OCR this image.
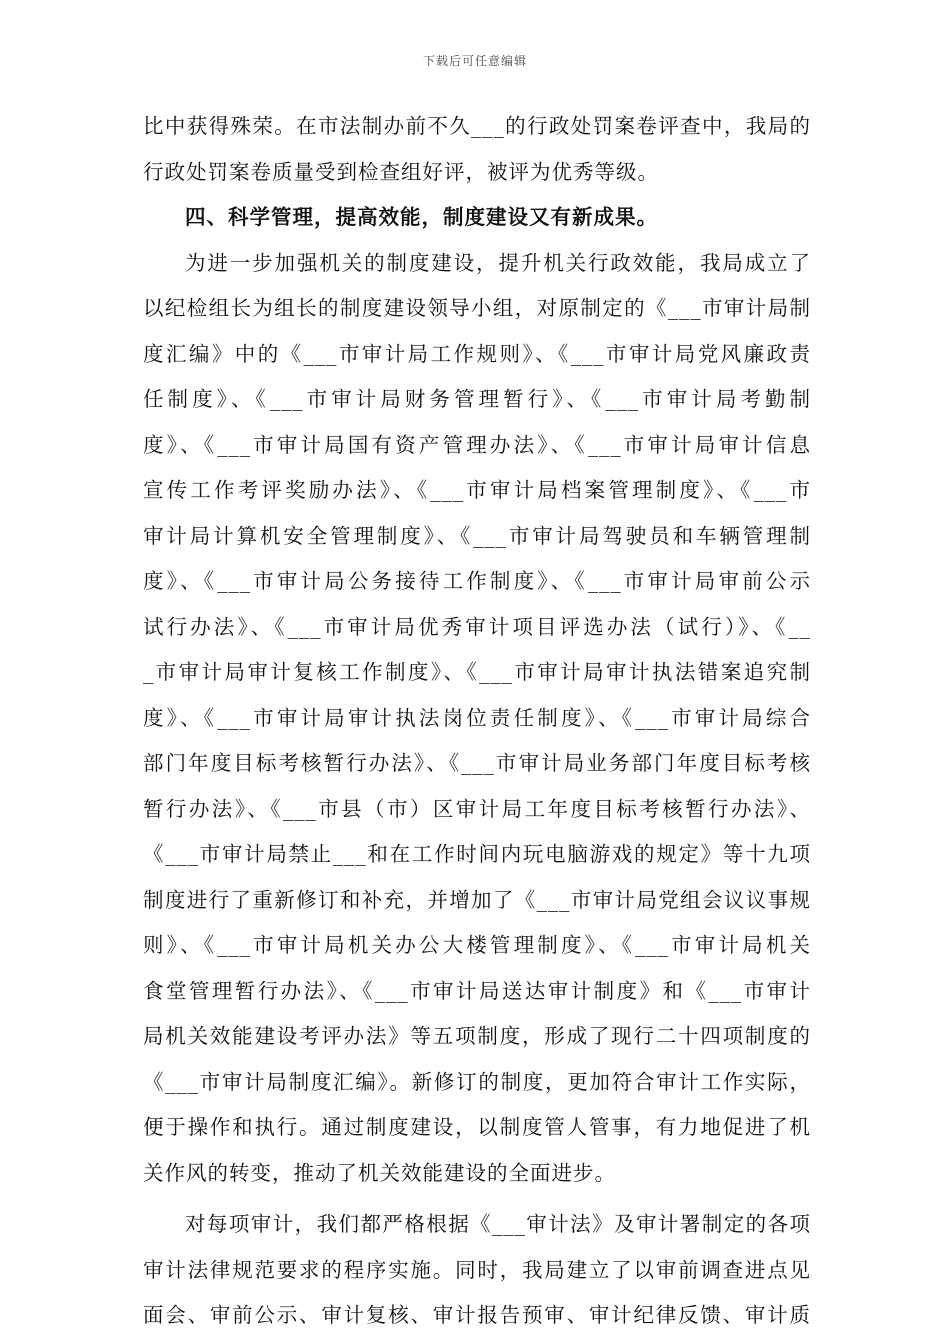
下载后可任意编辑
比中获得殊荣。在市法制办前不久___的行政处罚案卷评查中，我局的
行政处罚案卷质量受到检查组好评，被评为优秀等级。
四、科学管理，提高效能，制度建设又有新成果。
为进一步加强机关的制度建设，提升机关行政效能，我局成立了
以纪检组长为组长的制度建设领导小组，对原制定的《___市审计局制
度汇编》中的《___市审计局工作规则》、《___市审计局党风廉政责
任制度》、《___市审计局财务管理暂行》、《___市审计局考勤制
度》、《___市审计局国有资产管理办法》、《___市审计局审计信息
宣传工作考评奖励办法》、《___市审计局档案管理制度》、《___市
审计局计算机安全管理制度》、《___市审计局驾驶员和车辆管理制
度》、《___市审计局公务接待工作制度》、《___市审计局审前公示
试行办法》、《___市审计局优秀审计项目评选办法（试行）》、《__
_市审计局审计复核工作制度》、《___市审计局审计执法错案追究制
度》、《___市审计局审计执法岗位责任制度》、《___市审计局综合
部门年度目标考核暂行办法》、《___市审计局业务部门年度目标考核
暂行办法》、《___市县（市）区审计局工年度目标考核暂行办法》、
《___市审计局禁止___和在工作时间内玩电脑游戏的规定》等十九项
制度进行了重新修订和补充，并增加了《___市审计局党组会议议事规
则》、《___市审计局机关办公大楼管理制度》、《___市审计局机关
食堂管理暂行办法》、《___市审计局送达审计制度》和《___市审计
局机关效能建设考评办法》等五项制度，形成了现行二十四项制度的
《___市审计局制度汇编》。新修订的制度，更加符合审计工作实际，
便于操作和执行。通过制度建设，以制度管人管事，有力地促进了机
关作风的转变，推动了机关效能建设的全面进步。
对每项审计，我们都严格根据《___审计法》及审计署制定的各项
审计法律规范要求的程序实施。同时，我局建立了以审前调查进点见
面会、审前公示、审计复核、审计报告预审、审计纪律反馈、审计质
